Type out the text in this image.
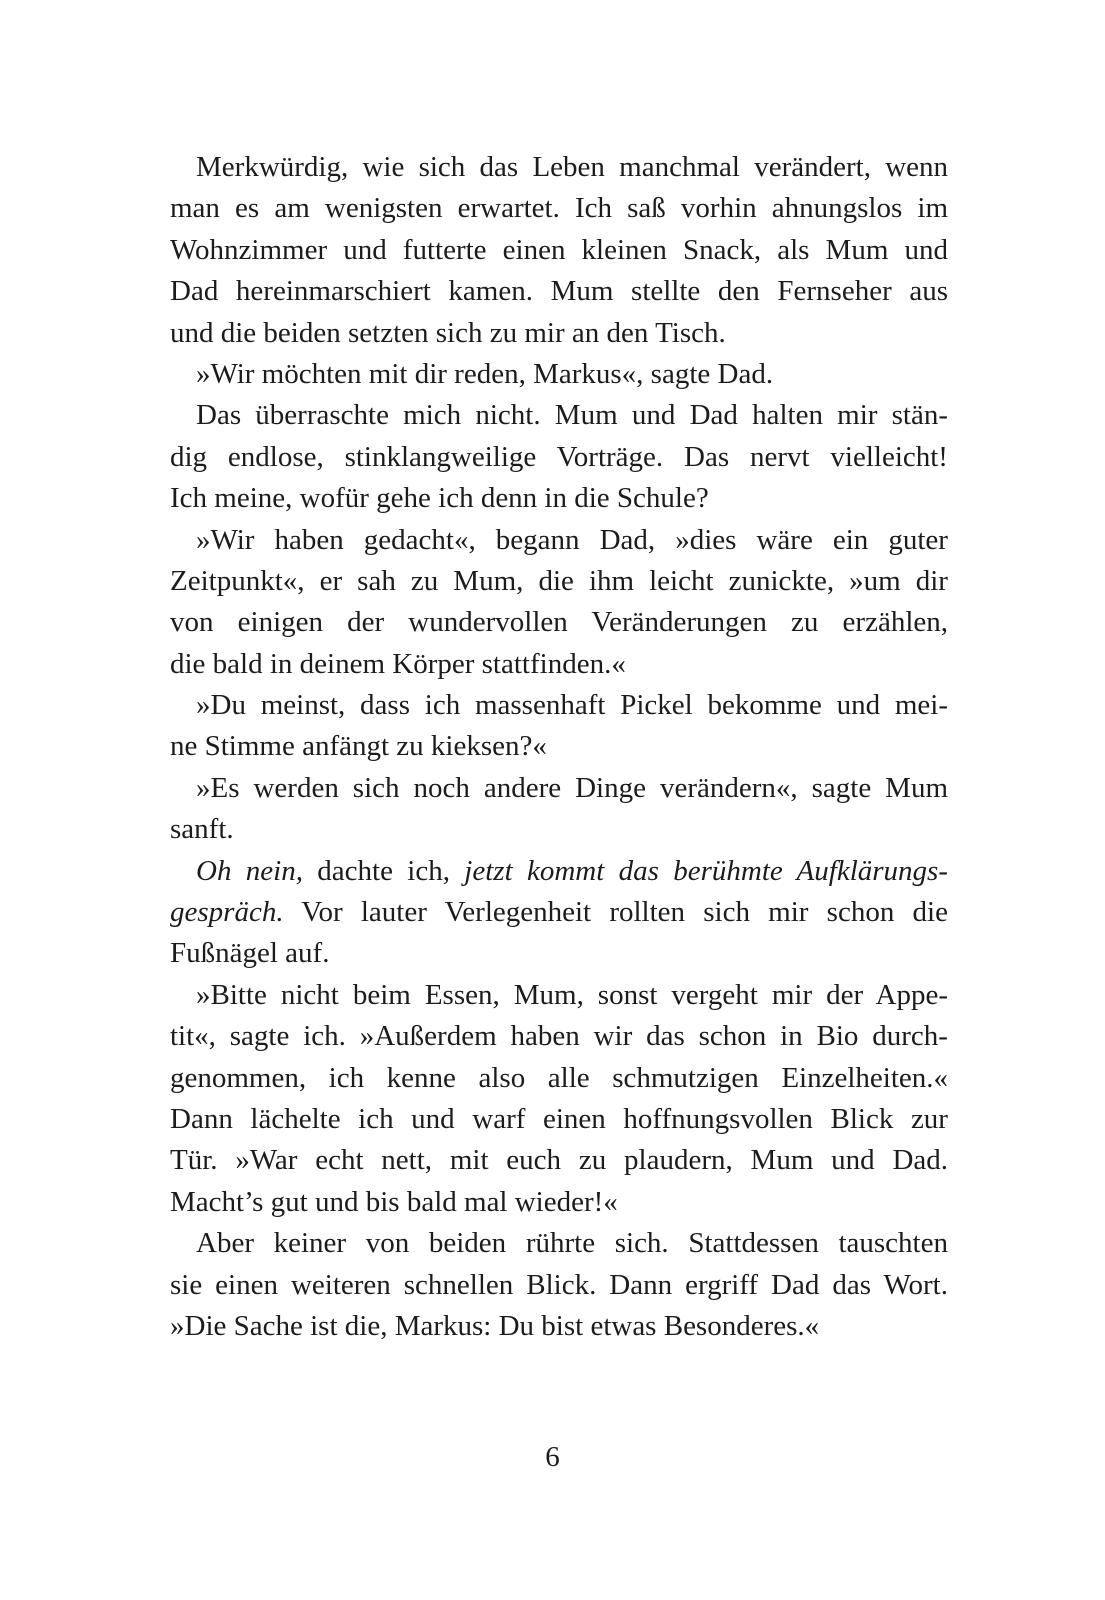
Merkwürdig, wie sich das Leben manchmal verändert, wenn
man es am wenigsten erwartet. Ich saß vorhin ahnungslos im
Wohnzimmer und futterte einen kleinen Snack, als Mum und
Dad hereinmarschiert kamen. Mum stellte den Fernseher aus
und die beiden setzten sich zu mir an den Tisch.
»Wir möchten mit dir reden, Markus«, sagte Dad.
Das überraschte mich nicht. Mum und Dad halten mir stän-
dig endlose, stinklangweilige Vorträge. Das nervt vielleicht!
Ich meine, wofür gehe ich denn in die Schule?
»Wir haben gedacht«, begann Dad, »dies wäre ein guter
Zeitpunkt«, er sah zu Mum, die ihm leicht zunickte, »um dir
von einigen der wundervollen Veränderungen zu erzählen,
die bald in deinem Körper stattfinden.«
»Du meinst, dass ich massenhaft Pickel bekomme und mei-
ne Stimme anfängt zu kieksen?«
»Es werden sich noch andere Dinge verändern«, sagte Mum
sanft.
Oh nein, dachte ich, jetzt kommt das berühmte Aufklärungs-
gespräch. Vor lauter Verlegenheit rollten sich mir schon die
Fußnägel auf.
»Bitte nicht beim Essen, Mum, sonst vergeht mir der Appe-
tit«, sagte ich. »Außerdem haben wir das schon in Bio durch-
genommen, ich kenne also alle schmutzigen Einzelheiten.«
Dann lächelte ich und warf einen hoffnungsvollen Blick zur
Tür. »War echt nett, mit euch zu plaudern, Mum und Dad.
Macht’s gut und bis bald mal wieder!«
Aber keiner von beiden rührte sich. Stattdessen tauschten
sie einen weiteren schnellen Blick. Dann ergriff Dad das Wort.
»Die Sache ist die, Markus: Du bist etwas Besonderes.«
6
